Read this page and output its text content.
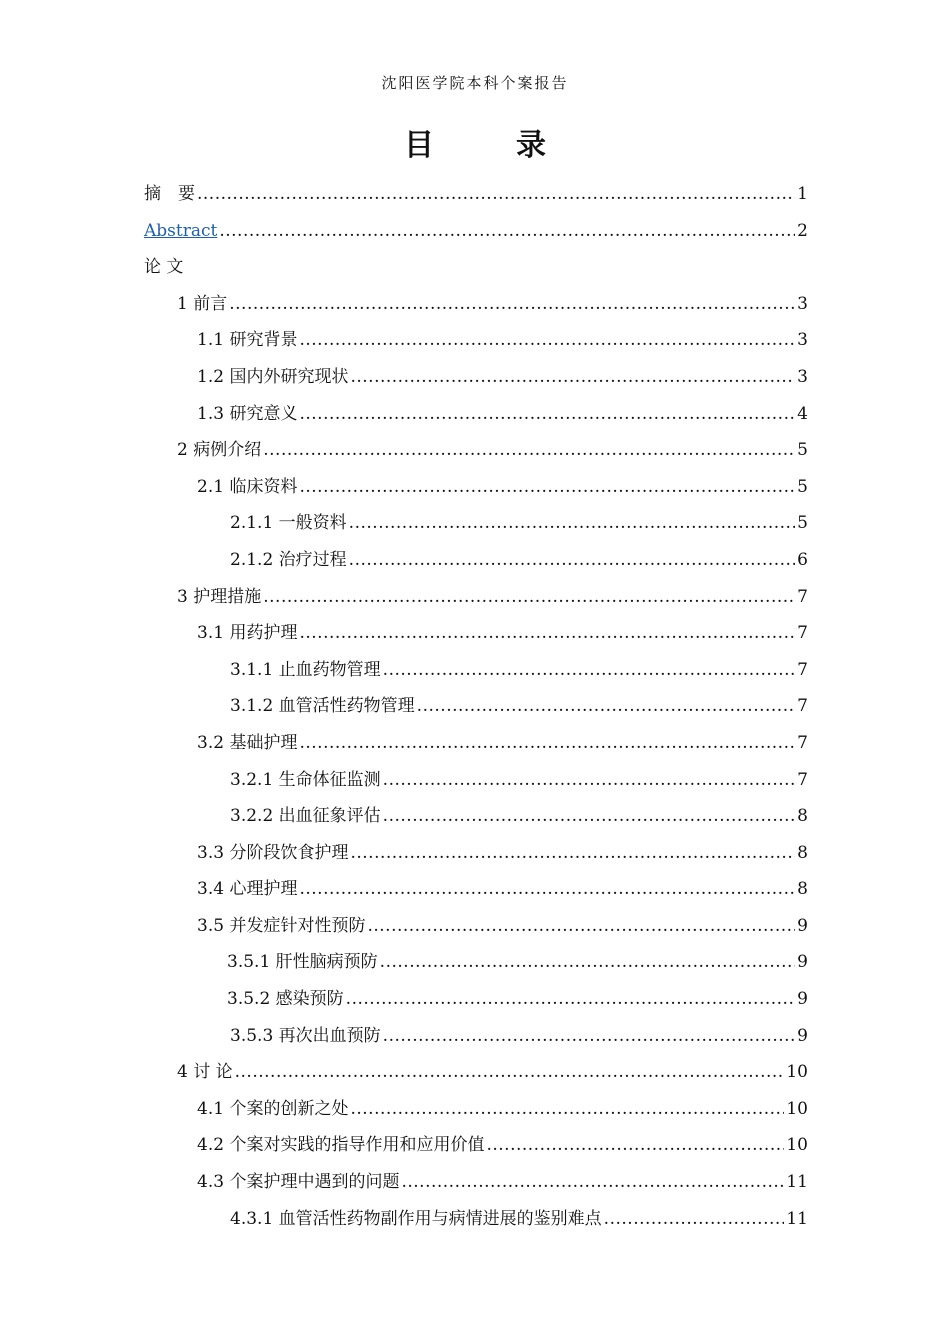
沈阳医学院本科个案报告
目　录
摘　要 .....	1
Abstract .....	2
论 文
1 前言 .....	3
1.1 研究背景 .....	3
1.2 国内外研究现状 .....	3
1.3 研究意义 .....	4
2 病例介绍 .....	5
2.1 临床资料 .....	5
2.1.1 一般资料 .....	5
2.1.2 治疗过程 .....	6
3 护理措施 .....	7
3.1 用药护理 .....	7
3.1.1 止血药物管理 .....	7
3.1.2 血管活性药物管理 .....	7
3.2 基础护理 .....	7
3.2.1 生命体征监测 .....	7
3.2.2 出血征象评估 .....	8
3.3 分阶段饮食护理 .....	8
3.4 心理护理 .....	8
3.5 并发症针对性预防 .....	9
3.5.1 肝性脑病预防 .....	9
3.5.2 感染预防 .....	9
3.5.3 再次出血预防 .....	9
4 讨 论 .....	10
4.1 个案的创新之处 .....	10
4.2 个案对实践的指导作用和应用价值 .....	10
4.3 个案护理中遇到的问题 .....	11
4.3.1 血管活性药物副作用与病情进展的鉴别难点 .....	11
